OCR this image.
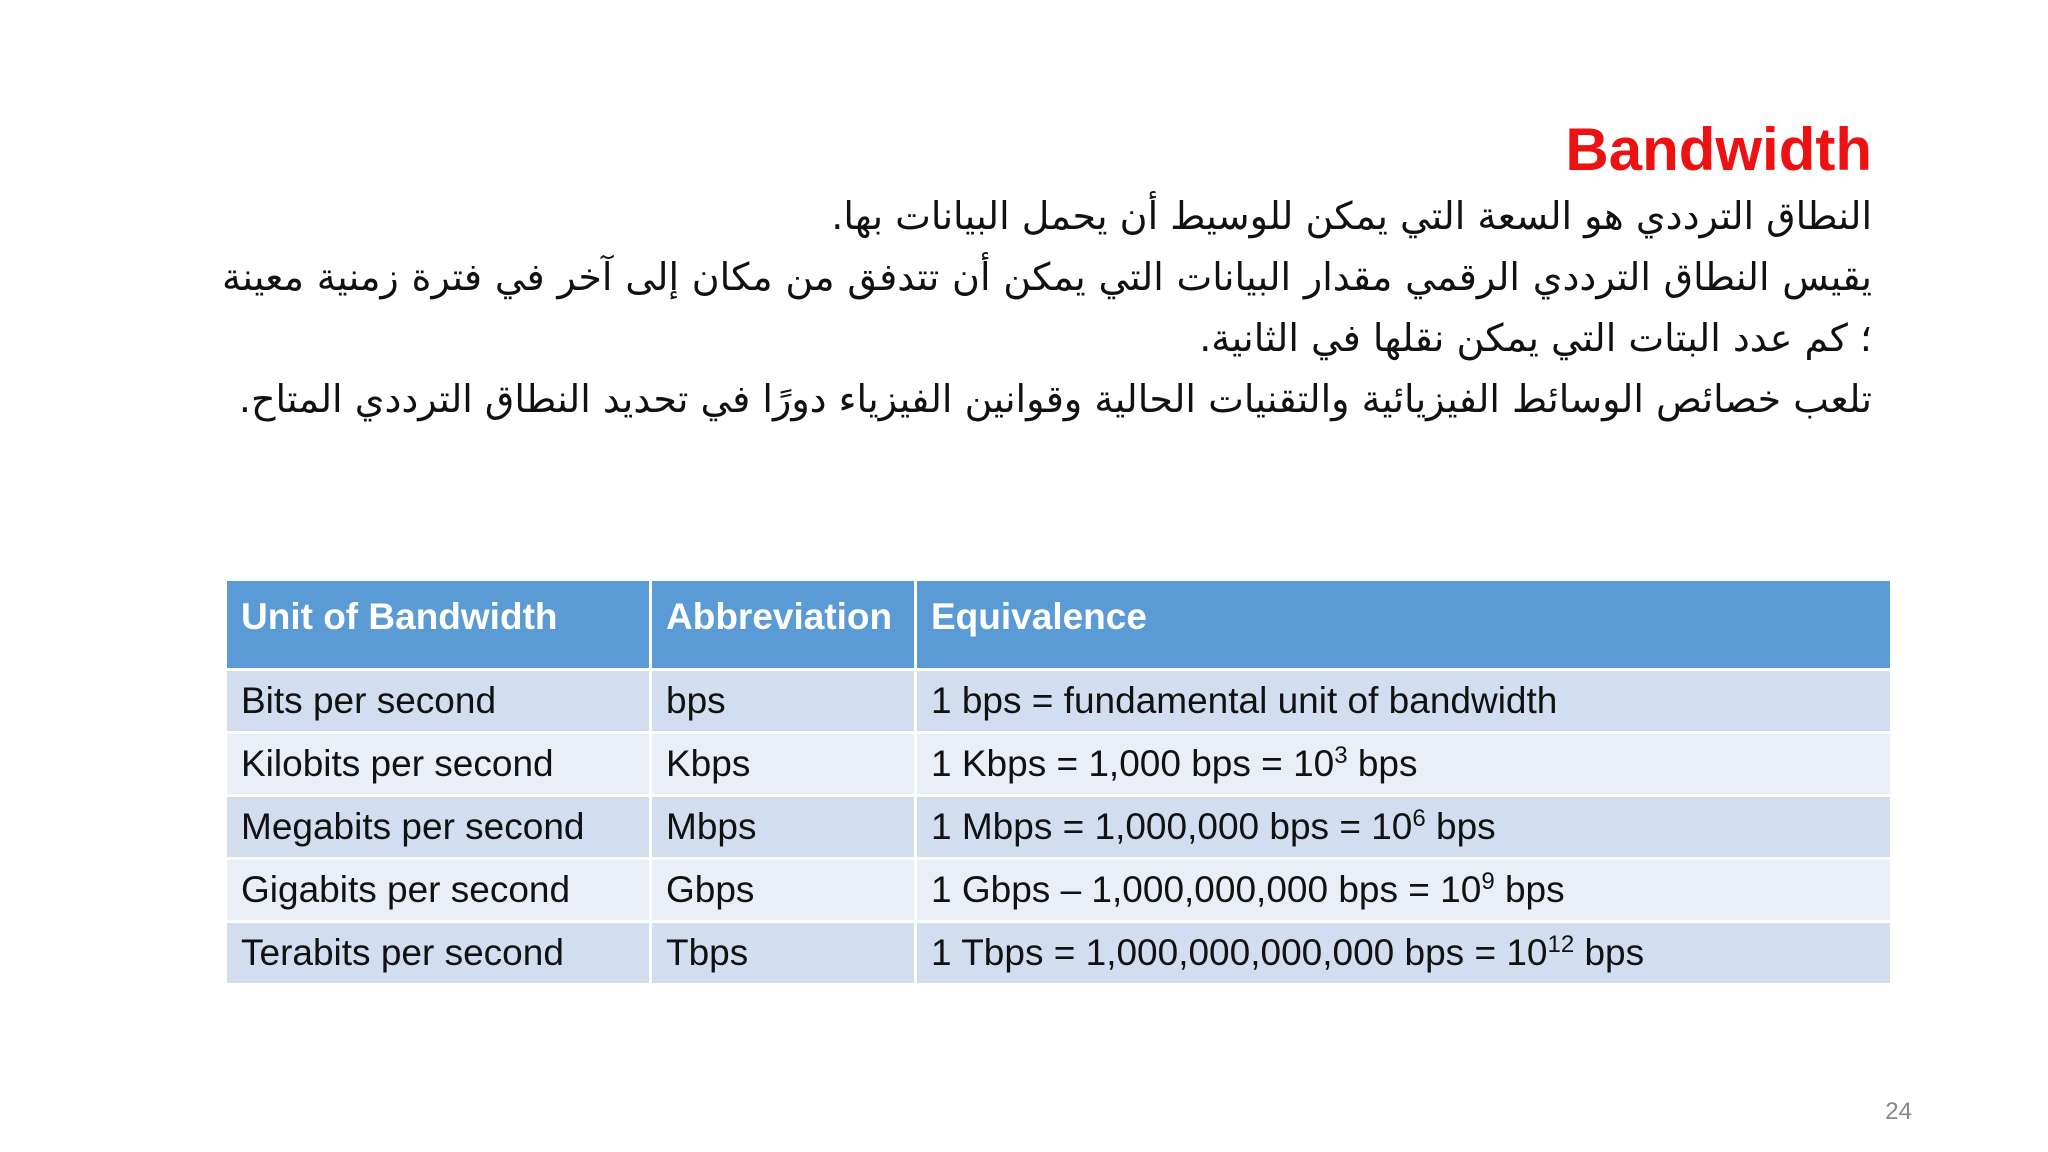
Bandwidth

النطاق الترددي هو السعة التي يمكن للوسيط أن يحمل البيانات بها.

يقيس النطاق الترددي الرقمي مقدار البيانات التي يمكن أن تتدفق من مكان إلى آخر في فترة زمنية معينة ؛ كم عدد البتات التي يمكن نقلها في الثانية.

تلعب خصائص الوسائط الفيزيائية والتقنيات الحالية وقوانين الفيزياء دورًا في تحديد النطاق الترددي المتاح.

Unit of Bandwidth	Abbreviation	Equivalence
Bits per second	bps	1 bps = fundamental unit of bandwidth
Kilobits per second	Kbps	1 Kbps = 1,000 bps = $10^3$ bps
Megabits per second	Mbps	1 Mbps = 1,000,000 bps = $10^6$ bps
Gigabits per second	Gbps	1 Gbps – 1,000,000,000 bps = $10^9$ bps
Terabits per second	Tbps	1 Tbps = 1,000,000,000,000 bps = $10^{12}$ bps
24
